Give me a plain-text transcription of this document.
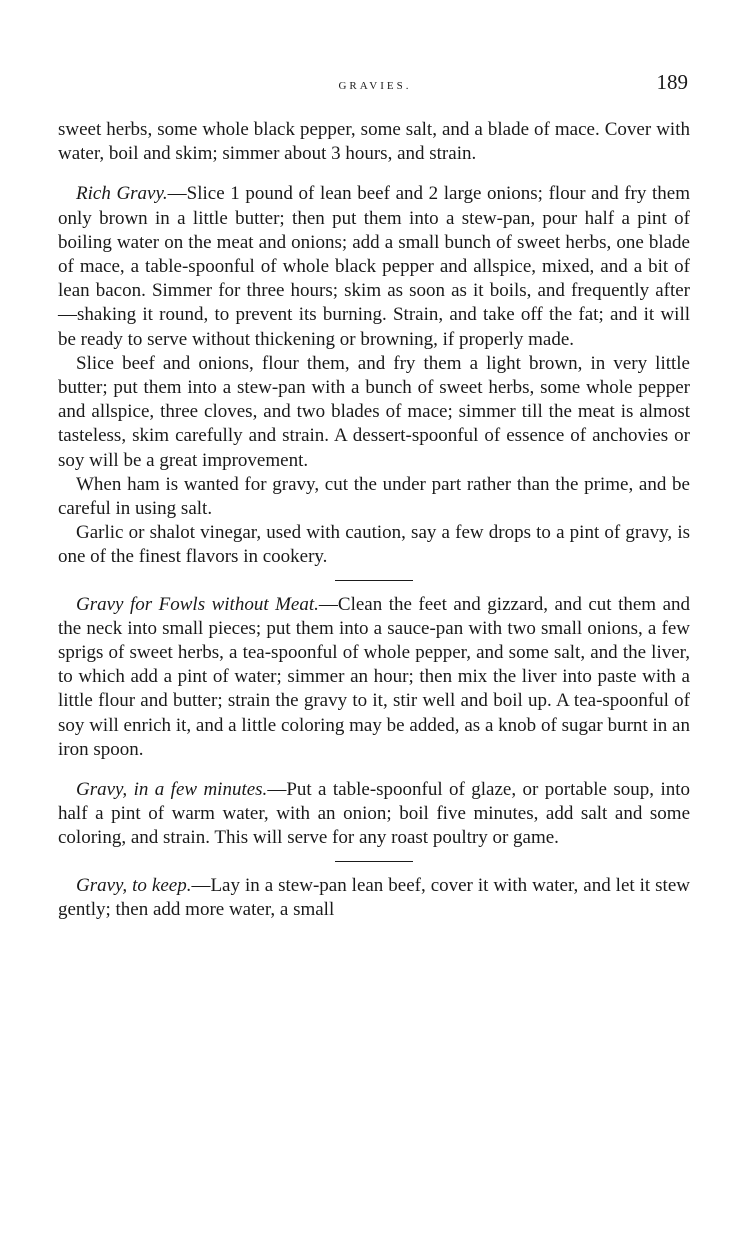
GRAVIES.	189

sweet herbs, some whole black pepper, some salt, and a blade of mace. Cover with water, boil and skim; simmer about 3 hours, and strain.

Rich Gravy.—Slice 1 pound of lean beef and 2 large onions; flour and fry them only brown in a little butter; then put them into a stew-pan, pour half a pint of boiling water on the meat and onions; add a small bunch of sweet herbs, one blade of mace, a table-spoonful of whole black pepper and allspice, mixed, and a bit of lean bacon. Simmer for three hours; skim as soon as it boils, and frequently after—shaking it round, to prevent its burning. Strain, and take off the fat; and it will be ready to serve without thickening or browning, if properly made.

Slice beef and onions, flour them, and fry them a light brown, in very little butter; put them into a stew-pan with a bunch of sweet herbs, some whole pepper and allspice, three cloves, and two blades of mace; simmer till the meat is almost tasteless, skim carefully and strain. A dessert-spoonful of essence of anchovies or soy will be a great improvement.

When ham is wanted for gravy, cut the under part rather than the prime, and be careful in using salt.

Garlic or shalot vinegar, used with caution, say a few drops to a pint of gravy, is one of the finest flavors in cookery.

Gravy for Fowls without Meat.—Clean the feet and gizzard, and cut them and the neck into small pieces; put them into a sauce-pan with two small onions, a few sprigs of sweet herbs, a tea-spoonful of whole pepper, and some salt, and the liver, to which add a pint of water; simmer an hour; then mix the liver into paste with a little flour and butter; strain the gravy to it, stir well and boil up. A tea-spoonful of soy will enrich it, and a little coloring may be added, as a knob of sugar burnt in an iron spoon.

Gravy, in a few minutes.—Put a table-spoonful of glaze, or portable soup, into half a pint of warm water, with an onion; boil five minutes, add salt and some coloring, and strain. This will serve for any roast poultry or game.

Gravy, to keep.—Lay in a stew-pan lean beef, cover it with water, and let it stew gently; then add more water, a small
